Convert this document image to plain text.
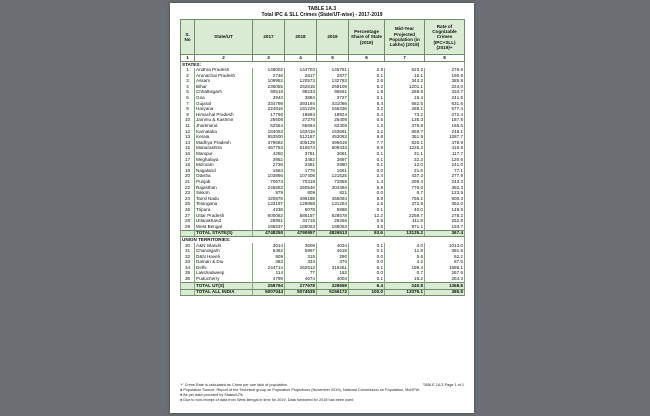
TABLE 1A.3
Total IPC & SLL Crimes (State/UT-wise) - 2017-2019
S. No	State/UT	2017	2018	2019	Percentage Share of State (2019)	Mid-Year Projected Population (in Lakhs) (2019)	Rate of Cognizable Crimes (IPC+SLL) (2019)+
1	2	3	4	5	6	7	8
STATES:							
1	Andhra Pradesh	148002	144703	145751	2.8	523.2	278.6
2	Arunachal Pradesh	2746	2817	2877	0.1	15.1	190.9
3	Assam	109952	120573	132783	2.6	344.2	385.8
4	Bihar	236055	262815	269109	5.2	1201.1	224.0
5	Chhattisgarh	90516	98233	96561	1.9	288.5	334.7
6	Goa	3943	3884	3727	0.1	15.4	241.5
7	Gujarat	334799	393194	431066	8.4	682.5	631.6
8	Haryana	224816	191229	166336	3.2	288.1	577.4
9	Himachal Pradesh	17796	19594	19924	0.4	73.2	272.4
10	Jammu & Kashmir	25608	27276	25408	0.5	135.3	187.8
11	Jharkhand	52564	55664	62306	1.2	375.8	165.5
12	Karnataka	184063	163416	163691	3.2	659.7	248.1
13	Kerala	653500	512167	453083	8.8	351.9	1287.7
14	Madhya Pradesh	379682	405129	395619	7.7	826.1	478.9
15	Maharashtra	467753	515674	509433	9.9	1225.3	415.8
16	Manipur	4250	3781	3661	0.1	31.1	117.7
17	Meghalaya	3952	3482	3897	0.1	32.3	120.6
18	Mizoram	2738	2351	2880	0.1	12.0	241.0
19	Nagaland	1553	1775	1661	0.0	21.6	77.1
20	Odisha	103866	107408	121525	2.4	437.3	277.9
21	Punjab	70673	70318	72855	1.4	299.4	243.3
22	Rajasthan	245553	250546	304394	5.9	776.0	392.3
23	Sikkim	979	809	821	0.0	6.7	123.5
24	Tamil Nadu	420876	499188	455094	8.8	758.1	600.3
25	Telangana	133197	126858	131254	2.5	372.8	352.0
26	Tripura	4238	6078	5988	0.1	40.0	149.6
27	Uttar Pradesh	600082	585157	628578	12.2	2259.7	278.2
28	Uttarakhand	28861	34715	28266	0.5	111.8	252.8
29	West Bengal	195537	188063	188063	3.6	971.1	193.7
	TOTAL STATE(S)	4748250	4790957	4826513	93.6	13135.2	367.4
UNION TERRITORIES:							
30	A&N Islands	3014	3609	4034	0.1	4.0	1013.6
31	Chandigarh	5462	5967	4518	0.1	11.8	381.6
32	D&N Haveli	809	315	290	0.0	5.6	52.2
33	Daman & Diu	382	334	370	0.0	4.2	87.5
34	Delhi	244714	262612	316261	6.1	199.4	1586.1
35	Lakshadweep	114	77	182	0.0	0.7	267.6
36	Puducherry	4799	4674	4004	0.1	15.2	264.3
	TOTAL UT(S)	258794	277678	329659	6.4	240.8	1368.8
	TOTAL ALL INDIA	5007044	5074635	5156172	100.0	13376.1	385.5
'+' Crime Rate is calculated as Crime per one lakh of population.	TABLE 1A.3 Page 1 of 1
● Population Source: Report of the Technical group on Population Projections (November 2019), National Commission on Population, MoHFW.
● As per data provided by States/UTs.
● Due to non-receipt of data from West Bengal in time for 2019, Data furnished for 2018 has been used
